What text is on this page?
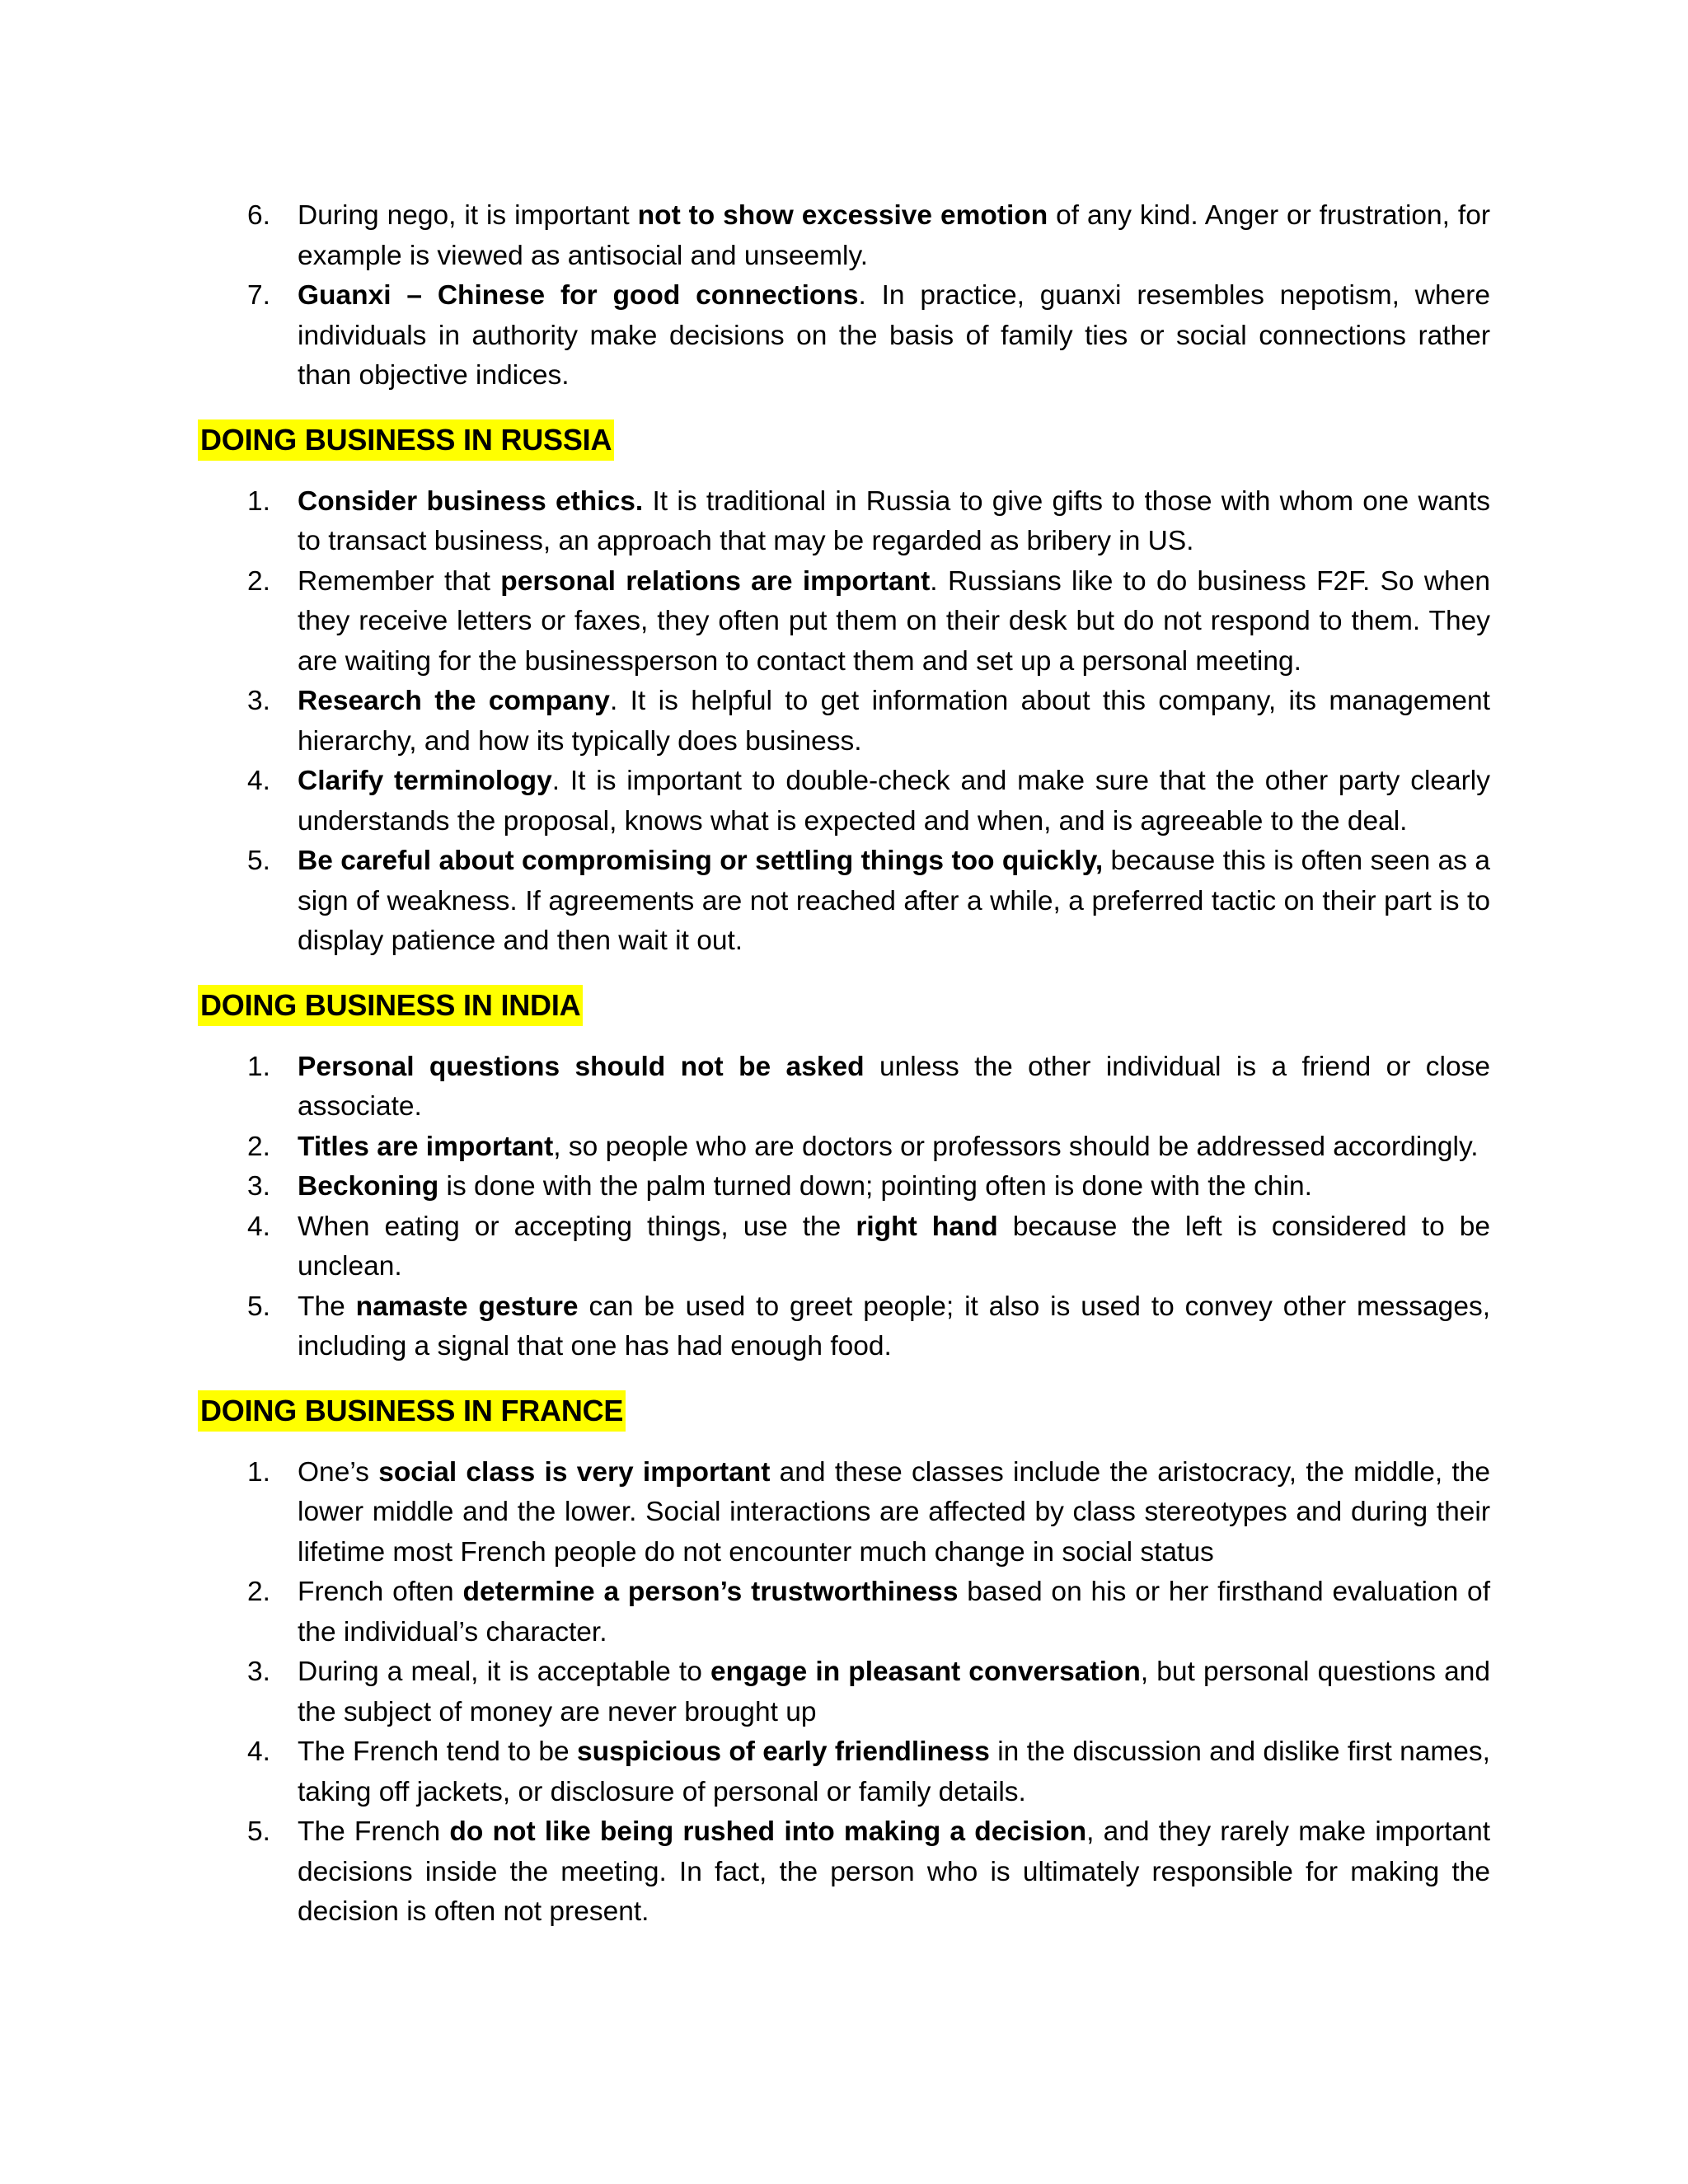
6. During nego, it is important not to show excessive emotion of any kind. Anger or frustration, for example is viewed as antisocial and unseemly.
7. Guanxi – Chinese for good connections. In practice, guanxi resembles nepotism, where individuals in authority make decisions on the basis of family ties or social connections rather than objective indices.
DOING BUSINESS IN RUSSIA
1. Consider business ethics. It is traditional in Russia to give gifts to those with whom one wants to transact business, an approach that may be regarded as bribery in US.
2. Remember that personal relations are important. Russians like to do business F2F. So when they receive letters or faxes, they often put them on their desk but do not respond to them. They are waiting for the businessperson to contact them and set up a personal meeting.
3. Research the company. It is helpful to get information about this company, its management hierarchy, and how its typically does business.
4. Clarify terminology. It is important to double-check and make sure that the other party clearly understands the proposal, knows what is expected and when, and is agreeable to the deal.
5. Be careful about compromising or settling things too quickly, because this is often seen as a sign of weakness. If agreements are not reached after a while, a preferred tactic on their part is to display patience and then wait it out.
DOING BUSINESS IN INDIA
1. Personal questions should not be asked unless the other individual is a friend or close associate.
2. Titles are important, so people who are doctors or professors should be addressed accordingly.
3. Beckoning is done with the palm turned down; pointing often is done with the chin.
4. When eating or accepting things, use the right hand because the left is considered to be unclean.
5. The namaste gesture can be used to greet people; it also is used to convey other messages, including a signal that one has had enough food.
DOING BUSINESS IN FRANCE
1. One’s social class is very important and these classes include the aristocracy, the middle, the lower middle and the lower. Social interactions are affected by class stereotypes and during their lifetime most French people do not encounter much change in social status
2. French often determine a person’s trustworthiness based on his or her firsthand evaluation of the individual’s character.
3. During a meal, it is acceptable to engage in pleasant conversation, but personal questions and the subject of money are never brought up
4. The French tend to be suspicious of early friendliness in the discussion and dislike first names, taking off jackets, or disclosure of personal or family details.
5. The French do not like being rushed into making a decision, and they rarely make important decisions inside the meeting. In fact, the person who is ultimately responsible for making the decision is often not present.
